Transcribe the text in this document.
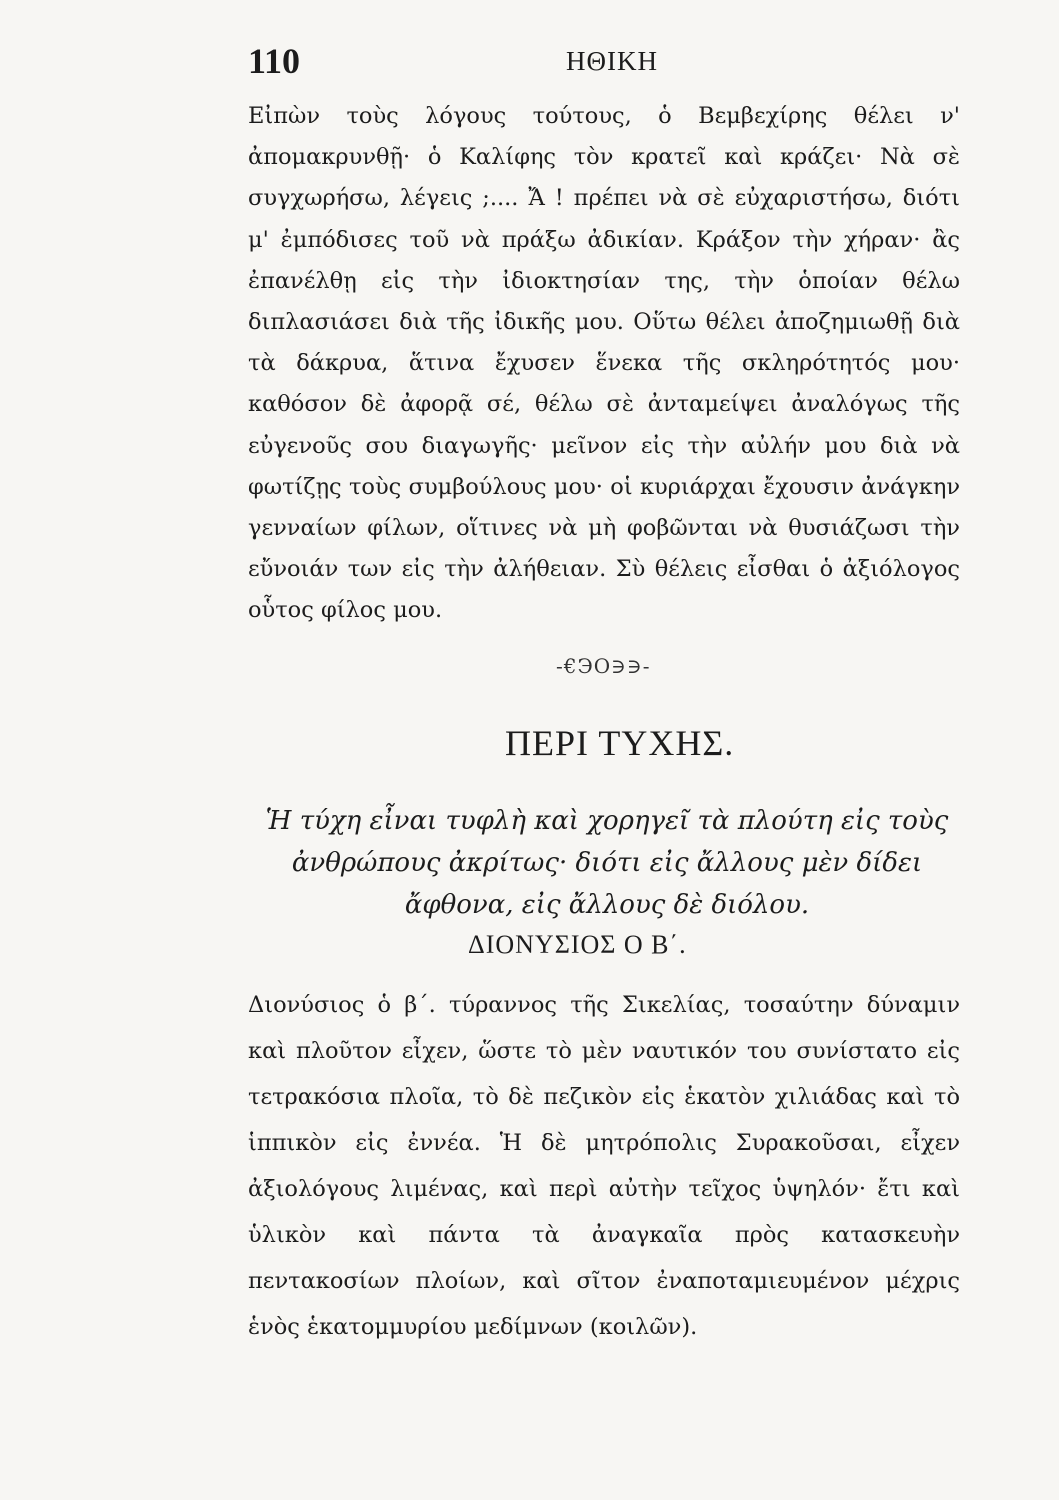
110	ΗΘΙΚΗ

Εἰπὼν τοὺς λόγους τούτους, ὁ Βεμβεχίρης θέλει ν' ἀπομακρυνθῇ· ὁ Καλίφης τὸν κρατεῖ καὶ κράζει· Νὰ σὲ συγχωρήσω, λέγεις ;.... Ἄ ! πρέπει νὰ σὲ εὐχαριστήσω, διότι μ' ἐμπόδισες τοῦ νὰ πράξω ἀδικίαν. Κράξον τὴν χήραν· ἂς ἐπανέλθῃ εἰς τὴν ἰδιοκτησίαν της, τὴν ὁποίαν θέλω διπλασιάσει διὰ τῆς ἰδικῆς μου. Οὕτω θέλει ἀποζημιωθῇ διὰ τὰ δάκρυα, ἅτινα ἔχυσεν ἕνεκα τῆς σκληρότητός μου· καθόσον δὲ ἀφορᾷ σέ, θέλω σὲ ἀνταμείψει ἀναλόγως τῆς εὐγενοῦς σου διαγωγῆς· μεῖνον εἰς τὴν αὐλήν μου διὰ νὰ φωτίζῃς τοὺς συμβούλους μου· οἱ κυριάρχαι ἔχουσιν ἀνάγκην γενναίων φίλων, οἵτινες νὰ μὴ φοβῶνται νὰ θυσιάζωσι τὴν εὔνοιάν των εἰς τὴν ἀλήθειαν. Σὺ θέλεις εἶσθαι ὁ ἀξιόλογος οὗτος φίλος μου.

-€ЭО∋∋-
ΠΕΡΙ ΤΥΧΗΣ.
Ἡ τύχη εἶναι τυφλὴ καὶ χορηγεῖ τὰ πλούτη εἰς τοὺς ἀνθρώπους ἀκρίτως· διότι εἰς ἄλλους μὲν δίδει ἄφθονα, εἰς ἄλλους δὲ διόλου.
ΔΙΟΝΥΣΙΟΣ Ο Β΄.

Διονύσιος ὁ β΄. τύραννος τῆς Σικελίας, τοσαύτην δύναμιν καὶ πλοῦτον εἶχεν, ὥστε τὸ μὲν ναυτικόν του συνίστατο εἰς τετρακόσια πλοῖα, τὸ δὲ πεζικὸν εἰς ἑκατὸν χιλιάδας καὶ τὸ ἱππικὸν εἰς ἐννέα. Ἡ δὲ μητρόπολις Συρακοῦσαι, εἶχεν ἀξιολόγους λιμένας, καὶ περὶ αὐτὴν τεῖχος ὑψηλόν· ἔτι καὶ ὑλικὸν καὶ πάντα τὰ ἀναγκαῖα πρὸς κατασκευὴν πεντακοσίων πλοίων, καὶ σῖτον ἐναποταμιευμένον μέχρις ἑνὸς ἑκατομμυρίου μεδίμνων (κοιλῶν).
